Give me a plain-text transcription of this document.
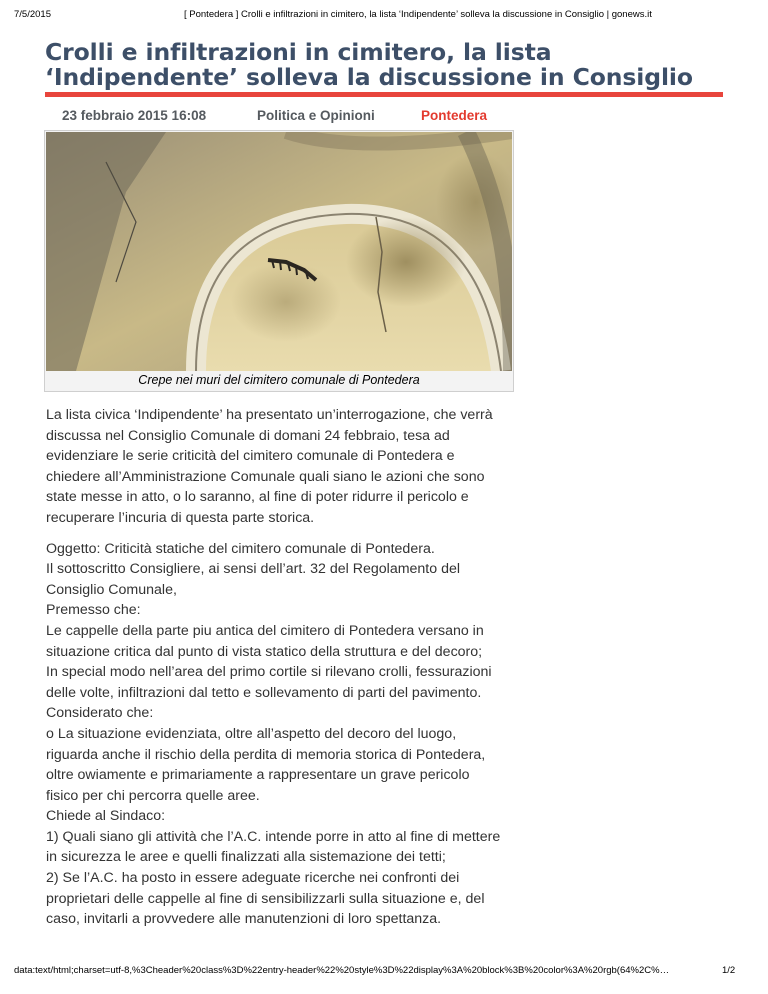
7/5/2015	[ Pontedera ] Crolli e infiltrazioni in cimitero, la lista ‘Indipendente’ solleva la discussione in Consiglio | gonews.it
Crolli e infiltrazioni in cimitero, la lista
‘Indipendente’ solleva la discussione in Consiglio
23 febbraio 2015 16:08	Politica e Opinioni	Pontedera
Crepe nei muri del cimitero comunale di Pontedera

La lista civica ‘Indipendente’ ha presentato un’interrogazione, che verrà
discussa nel Consiglio Comunale di domani 24 febbraio, tesa ad
evidenziare le serie criticità del cimitero comunale di Pontedera e
chiedere all’Amministrazione Comunale quali siano le azioni che sono
state messe in atto, o lo saranno, al fine di poter ridurre il pericolo e
recuperare l’incuria di questa parte storica.

Oggetto: Criticità statiche del cimitero comunale di Pontedera.
Il sottoscritto Consigliere, ai sensi dell’art. 32 del Regolamento del
Consiglio Comunale,
Premesso che:
Le cappelle della parte piu antica del cimitero di Pontedera versano in
situazione critica dal punto di vista statico della struttura e del decoro;
In special modo nell’area del primo cortile si rilevano crolli, fessurazioni
delle volte, infiltrazioni dal tetto e sollevamento di parti del pavimento.
Considerato che:
o La situazione evidenziata, oltre all’aspetto del decoro del luogo,
riguarda anche il rischio della perdita di memoria storica di Pontedera,
oltre owiamente e primariamente a rappresentare un grave pericolo
fisico per chi percorra quelle aree.
Chiede al Sindaco:
1) Quali siano gli attività che l’A.C. intende porre in atto al fine di mettere
in sicurezza le aree e quelli finalizzati alla sistemazione dei tetti;
2) Se l’A.C. ha posto in essere adeguate ricerche nei confronti dei
proprietari delle cappelle al fine di sensibilizzarli sulla situazione e, del
caso, invitarli a provvedere alle manutenzioni di loro spettanza.

data:text/html;charset=utf-8,%3Cheader%20class%3D%22entry-header%22%20style%3D%22display%3A%20block%3B%20color%3A%20rgb(64%2C%…	1/2
